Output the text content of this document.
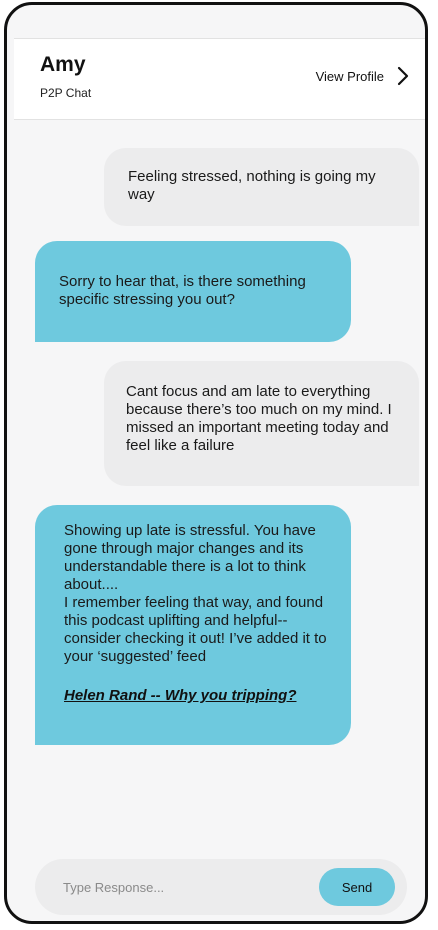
Amy
P2P Chat
View Profile
Feeling stressed, nothing is going my way
Sorry to hear that, is there something specific stressing you out?
Cant focus and am late to everything because there’s too much on my mind. I missed an important meeting today and feel like a failure
Showing up late is stressful. You have gone through major changes and its understandable there is a lot to think about....
I remember feeling that way, and found this podcast uplifting and helpful-- consider checking it out! I’ve added it to your ‘suggested’ feed
Helen Rand -- Why you tripping?
Type Response...
Send
